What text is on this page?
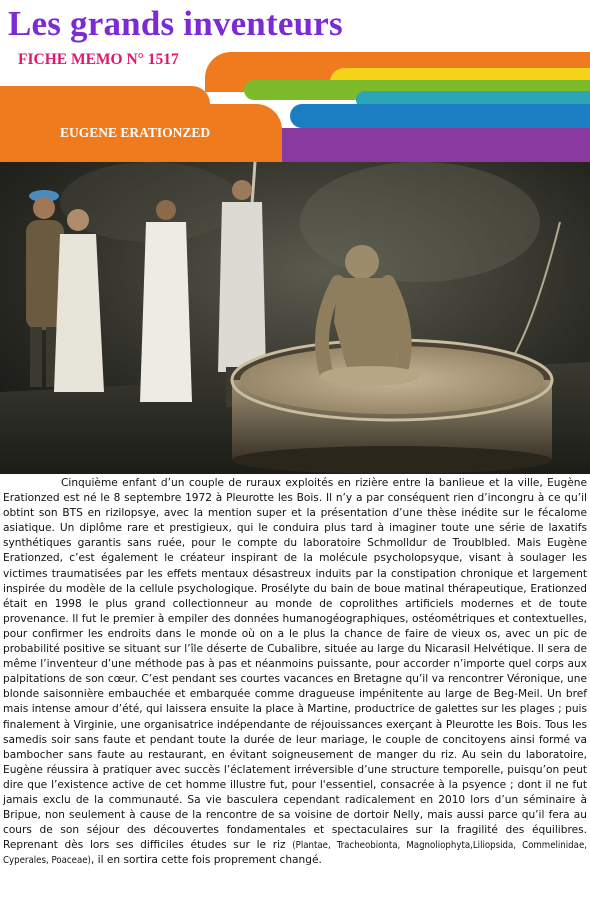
Les grands inventeurs
FICHE MEMO N° 1517
EUGENE ERATIONZED

Cinquième enfant d’un couple de ruraux exploités en rizière entre la banlieue et la ville, Eugène Erationzed est né le 8 septembre 1972 à Pleurotte les Bois. Il n’y a par conséquent rien d’incongru à ce qu’il obtint son BTS en rizilopsye, avec la mention super et la présentation d’une thèse inédite sur le fécalome asiatique. Un diplôme rare et prestigieux, qui le conduira plus tard à imaginer toute une série de laxatifs synthétiques garantis sans ruée, pour le compte du laboratoire Schmolldur de Troublbled. Mais Eugène Erationzed, c’est également le créateur inspirant de la molécule psycholopsyque, visant à soulager les victimes traumatisées par les effets mentaux désastreux induits par la constipation chronique et largement inspirée du modèle de la cellule psychologique. Prosélyte du bain de boue matinal thérapeutique, Erationzed était en 1998 le plus grand collectionneur au monde de coprolithes artificiels modernes et de toute provenance. Il fut le premier à empiler des données humanogéographiques, ostéométriques et contextuelles, pour confirmer les endroits dans le monde où on a le plus la chance de faire de vieux os, avec un pic de probabilité positive se situant sur l’île déserte de Cubalibre, située au large du Nicarasil Helvétique. Il sera de même l’inventeur d’une méthode pas à pas et néanmoins puissante, pour accorder n’importe quel corps aux palpitations de son cœur. C’est pendant ses courtes vacances en Bretagne qu’il va rencontrer Véronique, une blonde saisonnière embauchée et embarquée comme dragueuse impénitente au large de Beg-Meil. Un bref mais intense amour d’été, qui laissera ensuite la place à Martine, productrice de galettes sur les plages ; puis finalement à Virginie, une organisatrice indépendante de réjouissances exerçant à Pleurotte les Bois. Tous les samedis soir sans faute et pendant toute la durée de leur mariage, le couple de concitoyens ainsi formé va bambocher sans faute au restaurant, en évitant soigneusement de manger du riz. Au sein du laboratoire, Eugène réussira à pratiquer avec succès l’éclatement irréversible d’une structure temporelle, puisqu’on peut dire que l’existence active de cet homme illustre fut, pour l'essentiel, consacrée à la psyence ; dont il ne fut jamais exclu de la communauté. Sa vie basculera cependant radicalement en 2010 lors d’un séminaire à Bripue, non seulement à cause de la rencontre de sa voisine de dortoir Nelly, mais aussi parce qu’il fera au cours de son séjour des découvertes fondamentales et spectaculaires sur la fragilité des équilibres. Reprenant dès lors ses difficiles études sur le riz (Plantae, Tracheobionta, Magnoliophyta,Liliopsida, Commelinidae, Cyperales, Poaceae), il en sortira cette fois proprement changé.
